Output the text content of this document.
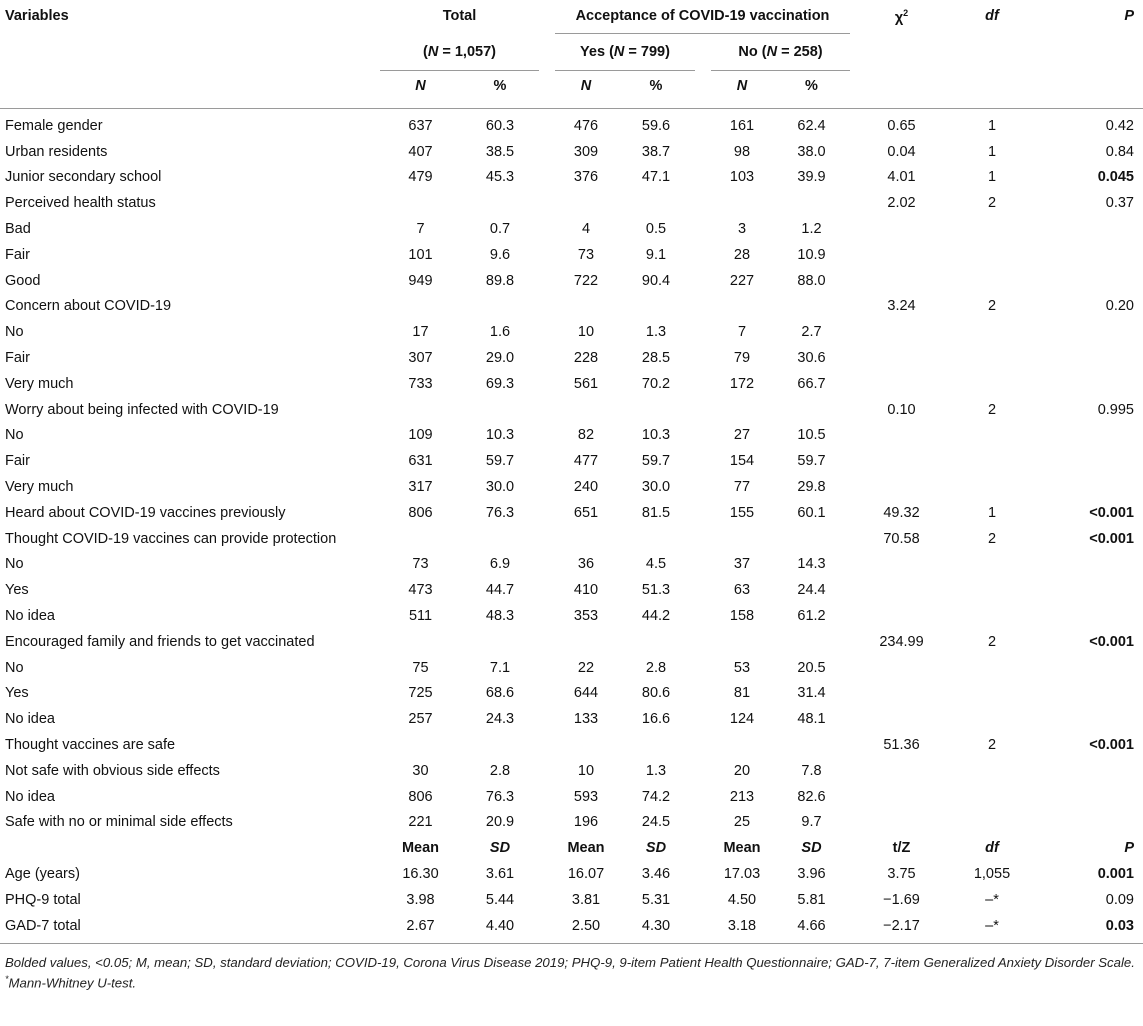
Variables	Total			Acceptance of COVID-19 vaccination			$\chi^2$	df	P
	(N = 1,057)			Yes (N = 799)		No (N = 258)			
	N	%		N %		N %			
Female gender	637	60.3		476 59.6		161 62.4	0.65	1	0.42
Urban residents	407	38.5		309 38.7		98 38.0	0.04	1	0.84
Junior secondary school	479	45.3		376 47.1		103 39.9	4.01	1	0.045
Perceived health status							2.02	2	0.37
Bad	7	0.7		4 0.5		3 1.2			
Fair	101	9.6		73 9.1		28 10.9			
Good	949	89.8		722 90.4		227 88.0			
Concern about COVID-19							3.24	2	0.20
No	17	1.6		10 1.3		7 2.7			
Fair	307	29.0		228 28.5		79 30.6			
Very much	733	69.3		561 70.2		172 66.7			
Worry about being infected with COVID-19							0.10	2	0.995
No	109	10.3		82 10.3		27 10.5			
Fair	631	59.7		477 59.7		154 59.7			
Very much	317	30.0		240 30.0		77 29.8			
Heard about COVID-19 vaccines previously	806	76.3		651 81.5		155 60.1	49.32	1	<0.001
Thought COVID-19 vaccines can provide protection							70.58	2	<0.001
No	73	6.9		36 4.5		37 14.3			
Yes	473	44.7		410 51.3		63 24.4			
No idea	511	48.3		353 44.2		158 61.2			
Encouraged family and friends to get vaccinated							234.99	2	<0.001
No	75	7.1		22 2.8		53 20.5			
Yes	725	68.6		644 80.6		81 31.4			
No idea	257	24.3		133 16.6		124 48.1			
Thought vaccines are safe							51.36	2	<0.001
Not safe with obvious side effects	30	2.8		10 1.3		20 7.8			
No idea	806	76.3		593 74.2		213 82.6			
Safe with no or minimal side effects	221	20.9		196 24.5		25 9.7			
	Mean	SD		Mean SD		Mean SD	t/Z	df	P
Age (years)	16.30	3.61		16.07 3.46		17.03 3.96	3.75	1,055	0.001
PHQ-9 total	3.98	5.44		3.81 5.31		4.50 5.81	−1.69	–*	0.09
GAD-7 total	2.67	4.40		2.50 4.30		3.18 4.66	−2.17	–*	0.03

Bolded values, <0.05; M, mean; SD, standard deviation; COVID-19, Corona Virus Disease 2019; PHQ-9, 9-item Patient Health Questionnaire; GAD-7, 7-item Generalized Anxiety Disorder Scale.

*Mann-Whitney U-test.
